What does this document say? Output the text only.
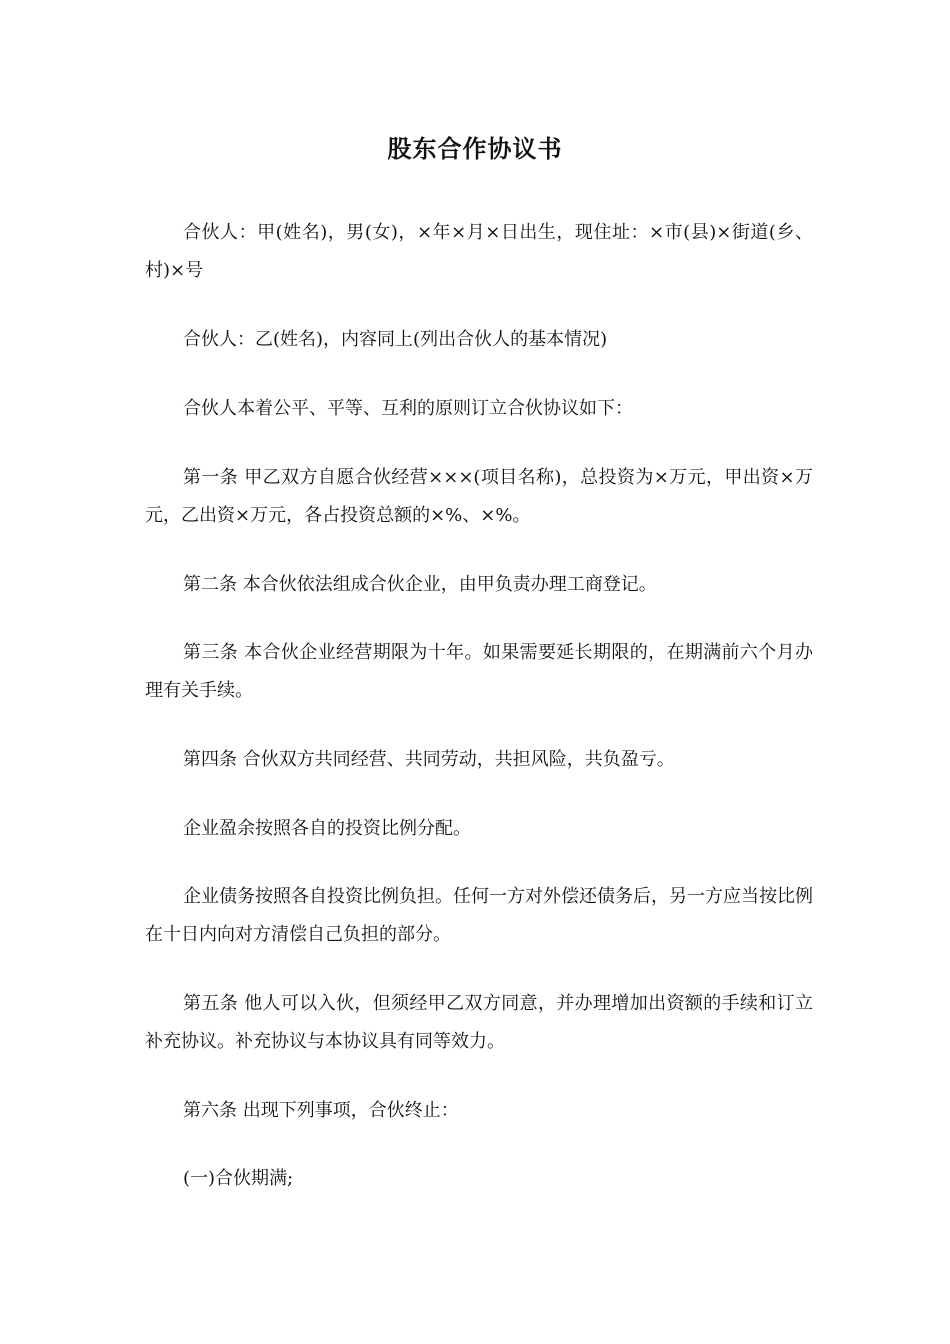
股东合作协议书

合伙人：甲(姓名)，男(女)，×年×月×日出生，现住址：×市(县)×街道(乡、村)×号

合伙人：乙(姓名)，内容同上(列出合伙人的基本情况)

合伙人本着公平、平等、互利的原则订立合伙协议如下：

第一条 甲乙双方自愿合伙经营×××(项目名称)，总投资为×万元，甲出资×万元，乙出资×万元，各占投资总额的×%、×%。

第二条 本合伙依法组成合伙企业，由甲负责办理工商登记。

第三条 本合伙企业经营期限为十年。如果需要延长期限的，在期满前六个月办理有关手续。

第四条 合伙双方共同经营、共同劳动，共担风险，共负盈亏。

企业盈余按照各自的投资比例分配。

企业债务按照各自投资比例负担。任何一方对外偿还债务后，另一方应当按比例在十日内向对方清偿自己负担的部分。

第五条 他人可以入伙，但须经甲乙双方同意，并办理增加出资额的手续和订立补充协议。补充协议与本协议具有同等效力。

第六条 出现下列事项，合伙终止：

(一)合伙期满;
